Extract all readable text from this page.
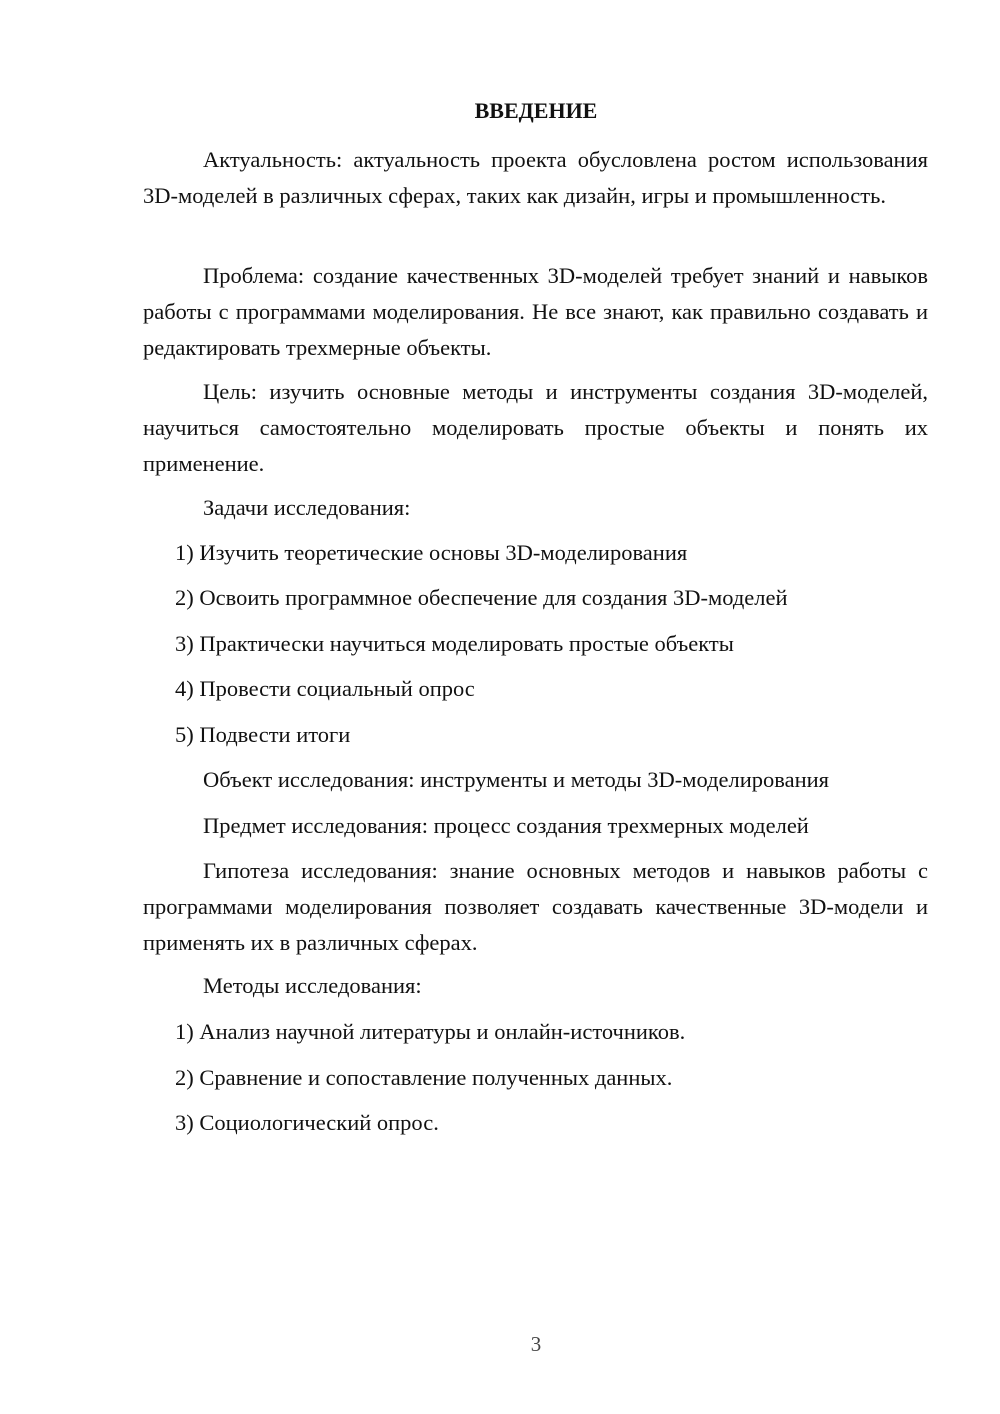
ВВЕДЕНИЕ

Актуальность: актуальность проекта обусловлена ростом использования 3D-моделей в различных сферах, таких как дизайн, игры и промышленность.

Проблема: создание качественных 3D-моделей требует знаний и навыков работы с программами моделирования. Не все знают, как правильно создавать и редактировать трехмерные объекты.

Цель: изучить основные методы и инструменты создания 3D-моделей, научиться самостоятельно моделировать простые объекты и понять их применение.

Задачи исследования:

1) Изучить теоретические основы 3D-моделирования

2) Освоить программное обеспечение для создания 3D-моделей

3) Практически научиться моделировать простые объекты

4) Провести социальный опрос

5) Подвести итоги

Объект исследования: инструменты и методы 3D-моделирования

Предмет исследования: процесс создания трехмерных моделей

Гипотеза исследования: знание основных методов и навыков работы с программами моделирования позволяет создавать качественные 3D-модели и применять их в различных сферах.

Методы исследования:

1) Анализ научной литературы и онлайн-источников.

2) Сравнение и сопоставление полученных данных.

3) Социологический опрос.

3
